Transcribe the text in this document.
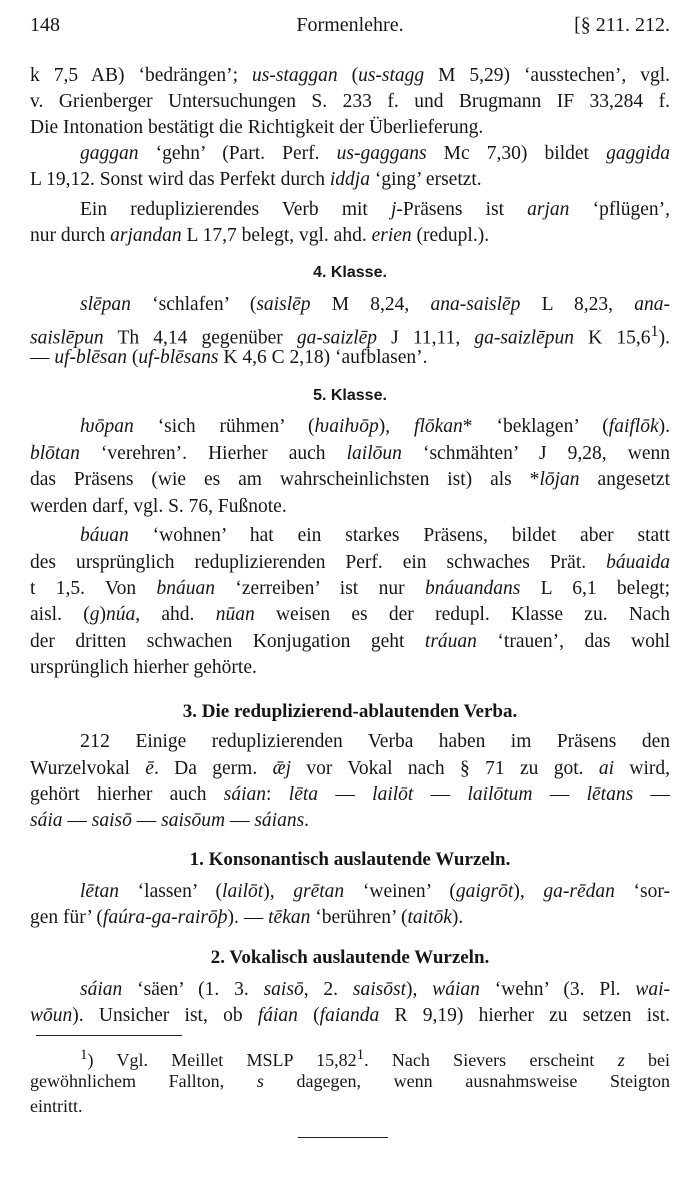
148	Formenlehre.	[§ 211. 212.
k 7,5 AB) ‘bedrängen’; us-staggan (us-stagg M 5,29) ‘ausstechen’, vgl.
v. Grienberger Untersuchungen S. 233 f. und Brugmann IF 33,284 f.
Die Intonation bestätigt die Richtigkeit der Überlieferung.
gaggan ‘gehn’ (Part. Perf. us-gaggans Mc 7,30) bildet gaggida
L 19,12. Sonst wird das Perfekt durch iddja ‘ging’ ersetzt.
Ein reduplizierendes Verb mit j-Präsens ist arjan ‘pflügen’,
nur durch arjandan L 17,7 belegt, vgl. ahd. erien (redupl.).
4. Klasse.
slēpan ‘schlafen’ (saislēp M 8,24, ana-saislēp L 8,23, ana-
saislēpun Th 4,14 gegenüber ga-saizlēp J 11,11, ga-saizlēpun K 15,6$^1$).
— uf-blēsan (uf-blēsans K 4,6 C 2,18) ‘aufblasen’.
5. Klasse.
ƕōpan ‘sich rühmen’ (ƕaiƕōp), flōkan* ‘beklagen’ (faiflōk).
blōtan ‘verehren’. Hierher auch lailōun ‘schmähten’ J 9,28, wenn
das Präsens (wie es am wahrscheinlichsten ist) als *lōjan angesetzt
werden darf, vgl. S. 76, Fußnote.
báuan ‘wohnen’ hat ein starkes Präsens, bildet aber statt
des ursprünglich reduplizierenden Perf. ein schwaches Prät. báuaida
t 1,5. Von bnáuan ‘zerreiben’ ist nur bnáuandans L 6,1 belegt;
aisl. (g)núa, ahd. nūan weisen es der redupl. Klasse zu. Nach
der dritten schwachen Konjugation geht tráuan ‘trauen’, das wohl
ursprünglich hierher gehörte.
3. Die reduplizierend-ablautenden Verba.
212 Einige reduplizierenden Verba haben im Präsens den
Wurzelvokal ē. Da germ. ǣj vor Vokal nach § 71 zu got. ai wird,
gehört hierher auch sáian: lēta — lailōt — lailōtum — lētans —
sáia — saisō — saisōum — sáians.
1. Konsonantisch auslautende Wurzeln.
lētan ‘lassen’ (lailōt), grētan ‘weinen’ (gaigrōt), ga-rēdan ‘sor-
gen für’ (faúra-ga-rairōþ). — tēkan ‘berühren’ (taitōk).
2. Vokalisch auslautende Wurzeln.
sáian ‘säen’ (1. 3. saisō, 2. saisōst), wáian ‘wehn’ (3. Pl. wai-
wōun). Unsicher ist, ob fáian (faianda R 9,19) hierher zu setzen ist.
$^1$) Vgl. Meillet MSLP 15,82$^1$. Nach Sievers erscheint z bei
gewöhnlichem Fallton, s dagegen, wenn ausnahmsweise Steigton
eintritt.
